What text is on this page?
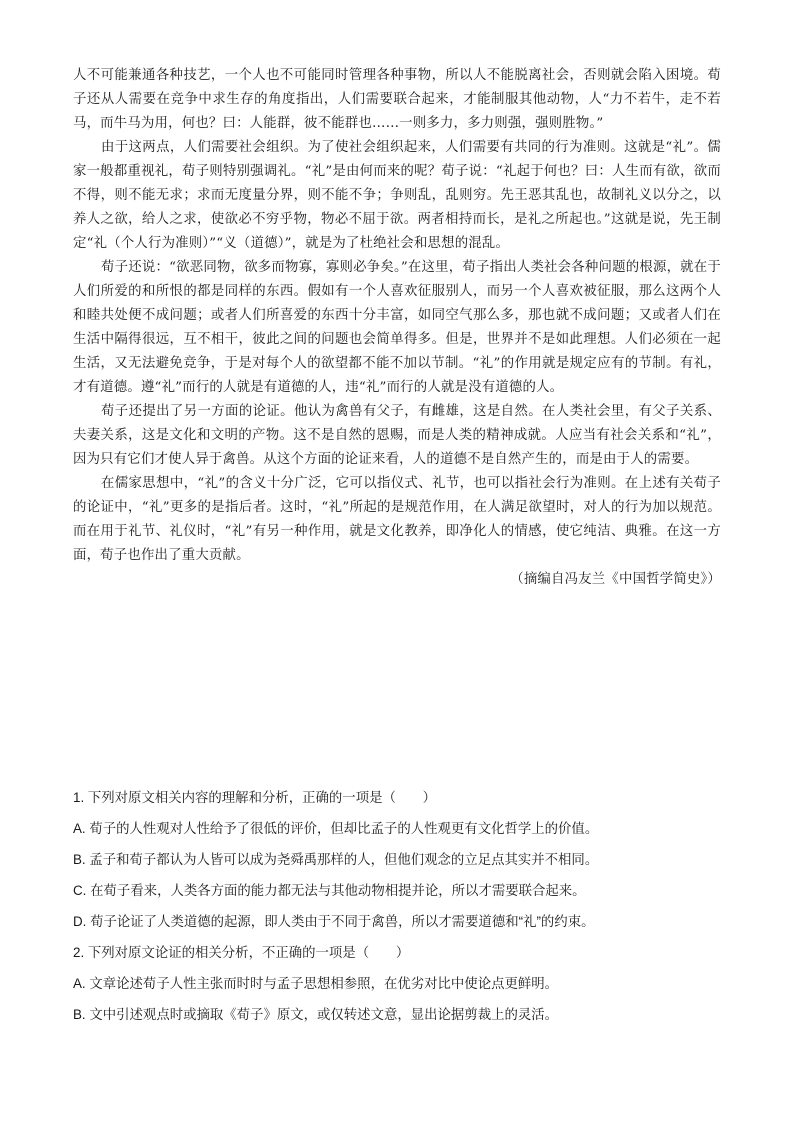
人不可能兼通各种技艺，一个人也不可能同时管理各种事物，所以人不能脱离社会，否则就会陷入困境。荀子还从人需要在竞争中求生存的角度指出，人们需要联合起来，才能制服其他动物，人“力不若牛，走不若马，而牛马为用，何也？曰：人能群，彼不能群也……一则多力，多力则强，强则胜物。”

由于这两点，人们需要社会组织。为了使社会组织起来，人们需要有共同的行为准则。这就是“礼”。儒家一般都重视礼，荀子则特别强调礼。“礼”是由何而来的呢？荀子说：“礼起于何也？曰：人生而有欲，欲而不得，则不能无求；求而无度量分界，则不能不争；争则乱，乱则穷。先王恶其乱也，故制礼义以分之，以养人之欲，给人之求，使欲必不穷乎物，物必不屈于欲。两者相持而长，是礼之所起也。”这就是说，先王制定“礼（个人行为准则）”“义（道德）”，就是为了杜绝社会和思想的混乱。

荀子还说：“欲恶同物，欲多而物寡，寡则必争矣。”在这里，荀子指出人类社会各种问题的根源，就在于人们所爱的和所恨的都是同样的东西。假如有一个人喜欢征服别人，而另一个人喜欢被征服，那么这两个人和睦共处便不成问题；或者人们所喜爱的东西十分丰富，如同空气那么多，那也就不成问题；又或者人们在生活中隔得很远，互不相干，彼此之间的问题也会简单得多。但是，世界并不是如此理想。人们必须在一起生活，又无法避免竞争，于是对每个人的欲望都不能不加以节制。“礼”的作用就是规定应有的节制。有礼，才有道德。遵“礼”而行的人就是有道德的人，违“礼”而行的人就是没有道德的人。

荀子还提出了另一方面的论证。他认为禽兽有父子，有雌雄，这是自然。在人类社会里，有父子关系、夫妻关系，这是文化和文明的产物。这不是自然的恩赐，而是人类的精神成就。人应当有社会关系和“礼”，因为只有它们才使人异于禽兽。从这个方面的论证来看，人的道德不是自然产生的，而是由于人的需要。

在儒家思想中，“礼”的含义十分广泛，它可以指仪式、礼节，也可以指社会行为准则。在上述有关荀子的论证中，“礼”更多的是指后者。这时，“礼”所起的是规范作用，在人满足欲望时，对人的行为加以规范。而在用于礼节、礼仪时，“礼”有另一种作用，就是文化教养，即净化人的情感，使它纯洁、典雅。在这一方面，荀子也作出了重大贡献。

（摘编自冯友兰《中国哲学简史》）

1. 下列对原文相关内容的理解和分析，正确的一项是（　　）

A. 荀子的人性观对人性给予了很低的评价，但却比孟子的人性观更有文化哲学上的价值。

B. 孟子和荀子都认为人皆可以成为尧舜禹那样的人，但他们观念的立足点其实并不相同。

C. 在荀子看来，人类各方面的能力都无法与其他动物相提并论，所以才需要联合起来。

D. 荀子论证了人类道德的起源，即人类由于不同于禽兽，所以才需要道德和“礼”的约束。

2. 下列对原文论证的相关分析，不正确的一项是（　　）

A. 文章论述荀子人性主张而时时与孟子思想相参照，在优劣对比中使论点更鲜明。

B. 文中引述观点时或摘取《荀子》原文，或仅转述文意，显出论据剪裁上的灵活。
